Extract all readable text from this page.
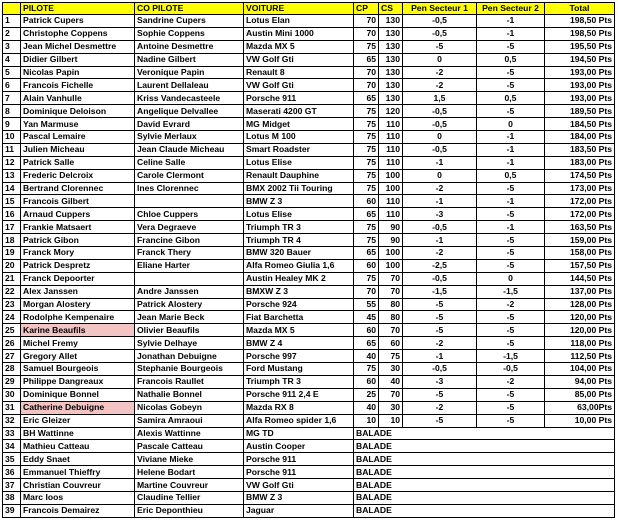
	PILOTE	CO PILOTE	VOITURE	CP	CS	Pen Secteur 1	Pen Secteur 2	Total
1	Patrick Cupers	Sandrine Cupers	Lotus Elan	70	130	-0,5	-1	198,50 Pts
2	Christophe Coppens	Sophie Coppens	Austin Mini 1000	70	130	-0,5	-1	198,50 Pts
3	Jean Michel Desmettre	Antoine Desmettre	Mazda MX 5	75	130	-5	-5	195,50 Pts
4	Didier Gilbert	Nadine Gilbert	VW Golf Gti	65	130	0	0,5	194,50 Pts
5	Nicolas Papin	Veronique Papin	Renault 8	70	130	-2	-5	193,00 Pts
6	Francois Fichelle	Laurent Dellaleau	VW Golf Gti	70	130	-2	-5	193,00 Pts
7	Alain Vanhulle	Kriss Vandecasteele	Porsche 911	65	130	1,5	0,5	193,00 Pts
8	Dominique Deloison	Angelique Delvallee	Maserati 4200 GT	75	120	-0,5	-5	189,50 Pts
9	Yan Marmuse	David Evrard	MG Midget	75	110	-0,5	0	184,50 Pts
10	Pascal Lemaire	Sylvie Merlaux	Lotus M 100	75	110	0	-1	184,00 Pts
11	Julien Micheau	Jean Claude Micheau	Smart Roadster	75	110	-0,5	-1	183,50 Pts
12	Patrick Salle	Celine Salle	Lotus Elise	75	110	-1	-1	183,00 Pts
13	Frederic Delcroix	Carole Clermont	Renault Dauphine	75	100	0	0,5	174,50 Pts
14	Bertrand Clorennec	Ines Clorennec	BMX 2002 Tii Touring	75	100	-2	-5	173,00 Pts
15	Francois Gilbert		BMW Z 3	60	110	-1	-1	172,00 Pts
16	Arnaud Cuppers	Chloe Cuppers	Lotus Elise	65	110	-3	-5	172,00 Pts
17	Frankie Matsaert	Vera Degraeve	Triumph TR 3	75	90	-0,5	-1	163,50 Pts
18	Patrick Gibon	Francine Gibon	Triumph TR 4	75	90	-1	-5	159,00 Pts
19	Franck Mory	Franck Thery	BMW 320 Bauer	65	100	-2	-5	158,00 Pts
20	Patrick Despretz	Eliane Harter	Alfa Romeo Giulia 1,6	60	100	-2,5	-5	157,50 Pts
21	Franck Depoorter		Austin Healey MK 2	75	70	-0,5	0	144,50 Pts
22	Alex Janssen	Andre Janssen	BMXW Z 3	70	70	-1,5	-1,5	137,00 Pts
23	Morgan Alostery	Patrick Alostery	Porsche 924	55	80	-5	-2	128,00 Pts
24	Rodolphe Kempenaire	Jean Marie Beck	Fiat Barchetta	45	80	-5	-5	120,00 Pts
25	Karine Beaufils	Olivier Beaufils	Mazda MX 5	60	70	-5	-5	120,00 Pts
26	Michel Fremy	Sylvie Delhaye	BMW Z 4	65	60	-2	-5	118,00 Pts
27	Gregory Allet	Jonathan Debuigne	Porsche 997	40	75	-1	-1,5	112,50 Pts
28	Samuel Bourgeois	Stephanie Bourgeois	Ford Mustang	75	30	-0,5	-0,5	104,00 Pts
29	Philippe Dangreaux	Francois Raullet	Triumph TR 3	60	40	-3	-2	94,00 Pts
30	Dominique Bonnel	Nathalie Bonnel	Porsche 911 2,4 E	25	70	-5	-5	85,00 Pts
31	Catherine Debuigne	Nicolas Gobeyn	Mazda RX 8	40	30	-2	-5	63,00Pts
32	Eric Gleizer	Samira Amraoui	Alfa Romeo spider 1,6	10	10	-5	-5	10,00 Pts
33	BH Wattinne	Alexis Wattinne	MG TD	BALADE				
34	Mathieu Catteau	Pascale Catteau	Austin Cooper	BALADE				
35	Eddy Snaet	Viviane Mieke	Porsche 911	BALADE				
36	Emmanuel Thieffry	Helene Bodart	Porsche 911	BALADE				
37	Christian Couvreur	Martine Couvreur	VW Golf Gti	BALADE				
38	Marc Ioos	Claudine Tellier	BMW Z 3	BALADE				
39	Francois Demairez	Eric Deponthieu	Jaguar	BALADE				
